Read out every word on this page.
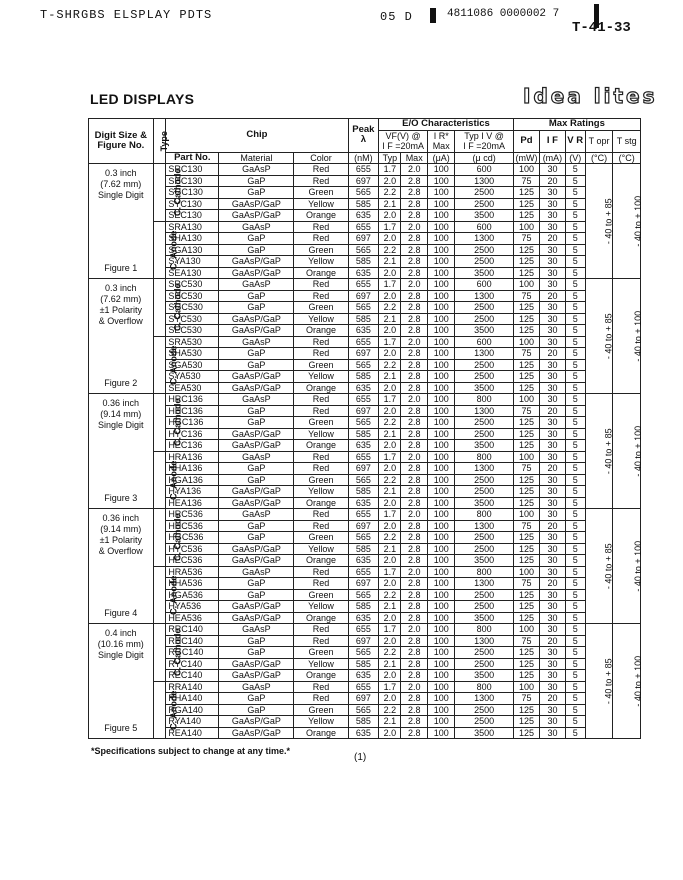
T-SHRGBS ELSPLAY PDTS	05 D	4811086 0000002 7
T-41-33
LED DISPLAYS	Idea lites
Digit Size & Figure No.	Type	Chip			Peak
λ	E/O Characteristics				Max Ratings				
						VF(V) @
I F =20mA		I R* Max	Typ I V @
I F =20mA	Pd	I F	V R	T opr	T stg
		Part No.	Material	Color	(nM)	Typ	Max	(μA)	(μ cd)	(mW)	(mA)	(V)	(°C)	(°C)

0.3 inch
(7.62 mm)
Single Digit
Figure 1	C. Cathode	SRC130	GaAsP	Red	655	1.7	2.0	100	600	100	30	5	- 40 to + 85	- 40 to + 100
		SHC130	GaP	Red	697	2.0	2.8	100	1300	75	20	5		
		SGC130	GaP	Green	565	2.2	2.8	100	2500	125	30	5		
		SYC130	GaAsP/GaP	Yellow	585	2.1	2.8	100	2500	125	30	5		
		SEC130	GaAsP/GaP	Orange	635	2.0	2.8	100	3500	125	30	5		
	C. Anode	SRA130	GaAsP	Red	655	1.7	2.0	100	600	100	30	5		
		SHA130	GaP	Red	697	2.0	2.8	100	1300	75	20	5		
		SGA130	GaP	Green	565	2.2	2.8	100	2500	125	30	5		
		SYA130	GaAsP/GaP	Yellow	585	2.1	2.8	100	2500	125	30	5		
		SEA130	GaAsP/GaP	Orange	635	2.0	2.8	100	3500	125	30	5		

0.3 inch
(7.62 mm)
±1 Polarity
& Overflow
Figure 2	C. Cathode	SRC530	GaAsP	Red	655	1.7	2.0	100	600	100	30	5	- 40 to + 85	- 40 to + 100
		SHC530	GaP	Red	697	2.0	2.8	100	1300	75	20	5		
		SGC530	GaP	Green	565	2.2	2.8	100	2500	125	30	5		
		SYC530	GaAsP/GaP	Yellow	585	2.1	2.8	100	2500	125	30	5		
		SEC530	GaAsP/GaP	Orange	635	2.0	2.8	100	3500	125	30	5		
	C. Anode	SRA530	GaAsP	Red	655	1.7	2.0	100	600	100	30	5		
		SHA530	GaP	Red	697	2.0	2.8	100	1300	75	20	5		
		SGA530	GaP	Green	565	2.2	2.8	100	2500	125	30	5		
		SYA530	GaAsP/GaP	Yellow	585	2.1	2.8	100	2500	125	30	5		
		SEA530	GaAsP/GaP	Orange	635	2.0	2.8	100	3500	125	30	5		

0.36 inch
(9.14 mm)
Single Digit
Figure 3	C. Cathode	HRC136	GaAsP	Red	655	1.7	2.0	100	800	100	30	5	- 40 to + 85	- 40 to + 100
		HHC136	GaP	Red	697	2.0	2.8	100	1300	75	20	5		
		HGC136	GaP	Green	565	2.2	2.8	100	2500	125	30	5		
		HYC136	GaAsP/GaP	Yellow	585	2.1	2.8	100	2500	125	30	5		
		HEC136	GaAsP/GaP	Orange	635	2.0	2.8	100	3500	125	30	5		
	C. Anode	HRA136	GaAsP	Red	655	1.7	2.0	100	800	100	30	5		
		HHA136	GaP	Red	697	2.0	2.8	100	1300	75	20	5		
		HGA136	GaP	Green	565	2.2	2.8	100	2500	125	30	5		
		HYA136	GaAsP/GaP	Yellow	585	2.1	2.8	100	2500	125	30	5		
		HEA136	GaAsP/GaP	Orange	635	2.0	2.8	100	3500	125	30	5		

0.36 inch
(9.14 mm)
±1 Polarity
& Overflow
Figure 4	C. Cathode	HRC536	GaAsP	Red	655	1.7	2.0	100	800	100	30	5	- 40 to + 85	- 40 to + 100
		HHC536	GaP	Red	697	2.0	2.8	100	1300	75	20	5		
		HGC536	GaP	Green	565	2.2	2.8	100	2500	125	30	5		
		HYC536	GaAsP/GaP	Yellow	585	2.1	2.8	100	2500	125	30	5		
		HEC536	GaAsP/GaP	Orange	635	2.0	2.8	100	3500	125	30	5		
	C. Anode	HRA536	GaAsP	Red	655	1.7	2.0	100	800	100	30	5		
		HHA536	GaP	Red	697	2.0	2.8	100	1300	75	20	5		
		HGA536	GaP	Green	565	2.2	2.8	100	2500	125	30	5		
		HYA536	GaAsP/GaP	Yellow	585	2.1	2.8	100	2500	125	30	5		
		HEA536	GaAsP/GaP	Orange	635	2.0	2.8	100	3500	125	30	5		

0.4 inch
(10.16 mm)
Single Digit
Figure 5	C. Cathode	RRC140	GaAsP	Red	655	1.7	2.0	100	800	100	30	5	- 40 to + 85	- 40 to + 100
		RHC140	GaP	Red	697	2.0	2.8	100	1300	75	20	5		
		RGC140	GaP	Green	565	2.2	2.8	100	2500	125	30	5		
		RYC140	GaAsP/GaP	Yellow	585	2.1	2.8	100	2500	125	30	5		
		REC140	GaAsP/GaP	Orange	635	2.0	2.8	100	3500	125	30	5		
	C. Anode	RRA140	GaAsP	Red	655	1.7	2.0	100	800	100	30	5		
		RHA140	GaP	Red	697	2.0	2.8	100	1300	75	20	5		
		RGA140	GaP	Green	565	2.2	2.8	100	2500	125	30	5		
		RYA140	GaAsP/GaP	Yellow	585	2.1	2.8	100	2500	125	30	5		
		REA140	GaAsP/GaP	Orange	635	2.0	2.8	100	3500	125	30	5		
*Specifications subject to change at any time.*
(1)
